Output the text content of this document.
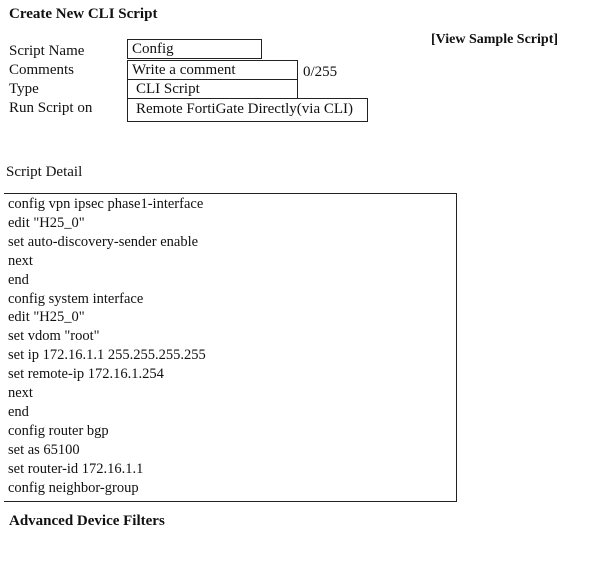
Create New CLI Script
[View Sample Script]
Script Name	Config
Comments	Write a comment	0/255
Type	CLI Script
Run Script on	Remote FortiGate Directly(via CLI)
Script Detail
config vpn ipsec phase1-interface
edit "H25_0"
set auto-discovery-sender enable
next
end
config system interface
edit "H25_0"
set vdom "root"
set ip 172.16.1.1 255.255.255.255
set remote-ip 172.16.1.254
next
end
config router bgp
set as 65100
set router-id 172.16.1.1
config neighbor-group
Advanced Device Filters
